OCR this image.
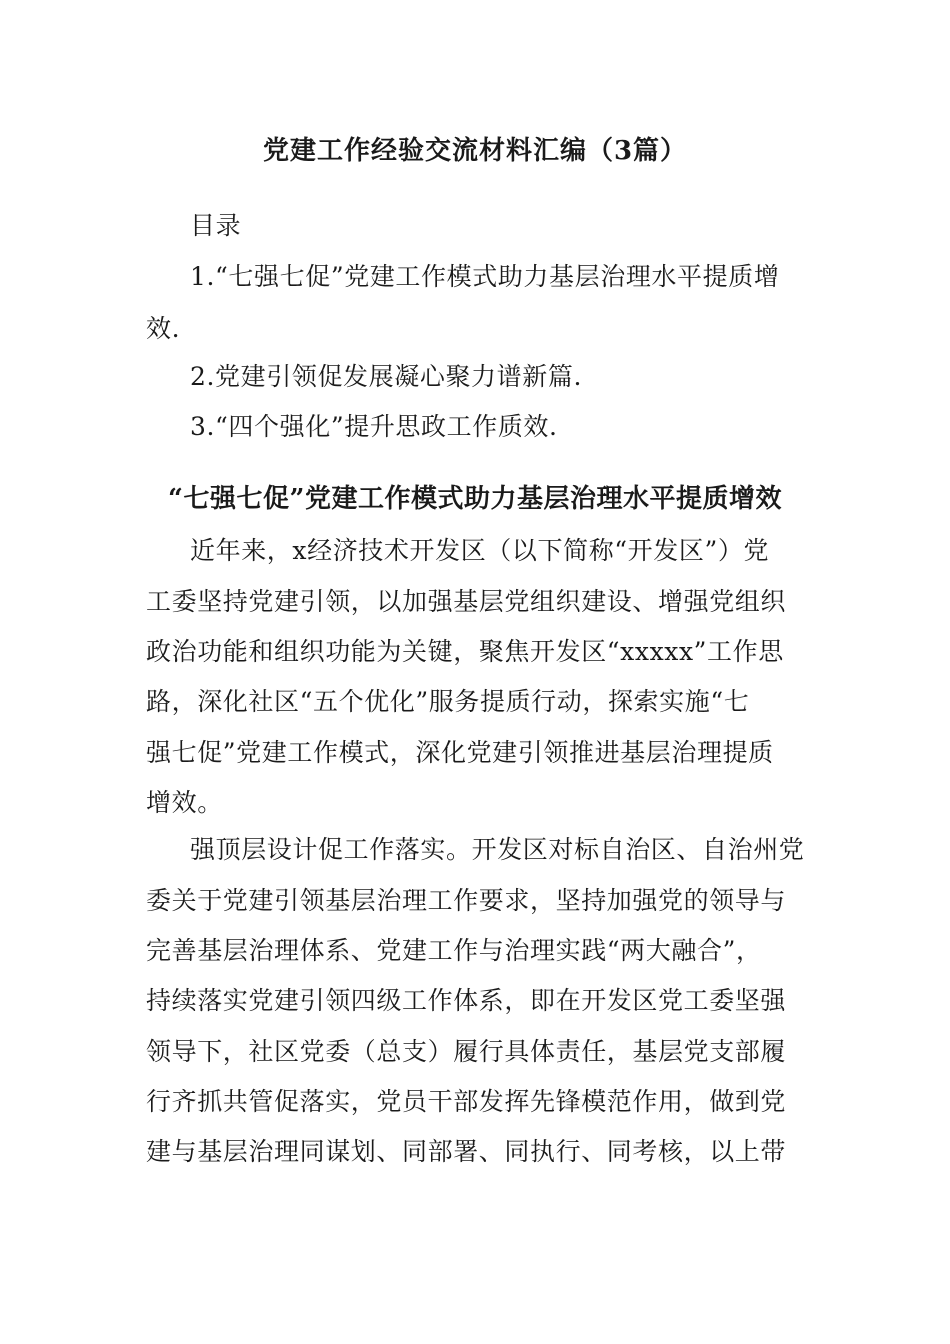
党建工作经验交流材料汇编（3篇）
目录
1.“七强七促”党建工作模式助力基层治理水平提质增
效.
2.党建引领促发展凝心聚力谱新篇.
3.“四个强化”提升思政工作质效.
“七强七促”党建工作模式助力基层治理水平提质增效
近年来，x经济技术开发区（以下简称“开发区”）党
工委坚持党建引领，以加强基层党组织建设、增强党组织
政治功能和组织功能为关键，聚焦开发区“xxxxx”工作思
路，深化社区“五个优化”服务提质行动，探索实施“七
强七促”党建工作模式，深化党建引领推进基层治理提质
增效。
强顶层设计促工作落实。开发区对标自治区、自治州党
委关于党建引领基层治理工作要求，坚持加强党的领导与
完善基层治理体系、党建工作与治理实践“两大融合”，
持续落实党建引领四级工作体系，即在开发区党工委坚强
领导下，社区党委（总支）履行具体责任，基层党支部履
行齐抓共管促落实，党员干部发挥先锋模范作用，做到党
建与基层治理同谋划、同部署、同执行、同考核，以上带
